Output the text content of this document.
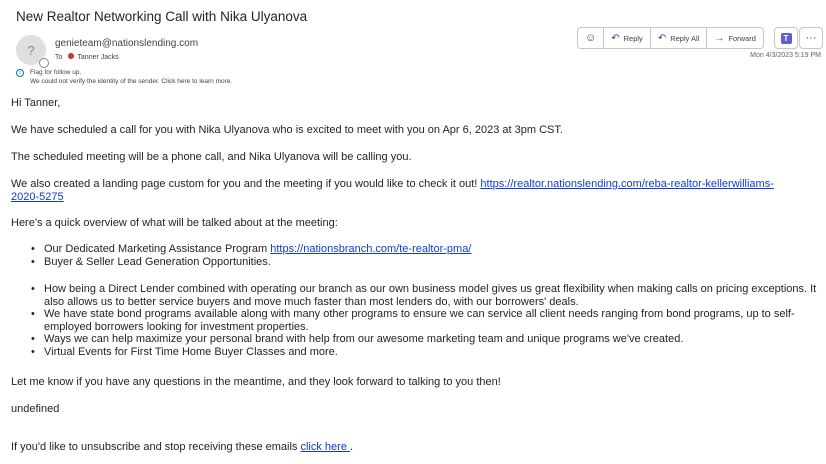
New Realtor Networking Call with Nika Ulyanova
?	genieteam@nationslending.com
To	Tanner Jacks
i	Flag for follow up.
We could not verify the identity of the sender. Click here to learn more.
☺ ↶ Reply ↶ Reply All → Forward	T ···
Mon 4/3/2023 5:19 PM
Hi Tanner,
We have scheduled a call for you with Nika Ulyanova who is excited to meet with you on Apr 6, 2023 at 3pm CST.
The scheduled meeting will be a phone call, and Nika Ulyanova will be calling you.
We also created a landing page custom for you and the meeting if you would like to check it out! https://realtor.nationslending.com/reba-realtor-kellerwilliams-2020-5275
Here's a quick overview of what will be talked about at the meeting:
• Our Dedicated Marketing Assistance Program https://nationsbranch.com/te-realtor-pma/
• Buyer & Seller Lead Generation Opportunities.
• How being a Direct Lender combined with operating our branch as our own business model gives us great flexibility when making calls on pricing exceptions. It also allows us to better service buyers and move much faster than most lenders do, with our borrowers' deals.
• We have state bond programs available along with many other programs to ensure we can service all client needs ranging from bond programs, up to self-employed borrowers looking for investment properties.
• Ways we can help maximize your personal brand with help from our awesome marketing team and unique programs we've created.
• Virtual Events for First Time Home Buyer Classes and more.
Let me know if you have any questions in the meantime, and they look forward to talking to you then!
undefined
If you'd like to unsubscribe and stop receiving these emails click here .
